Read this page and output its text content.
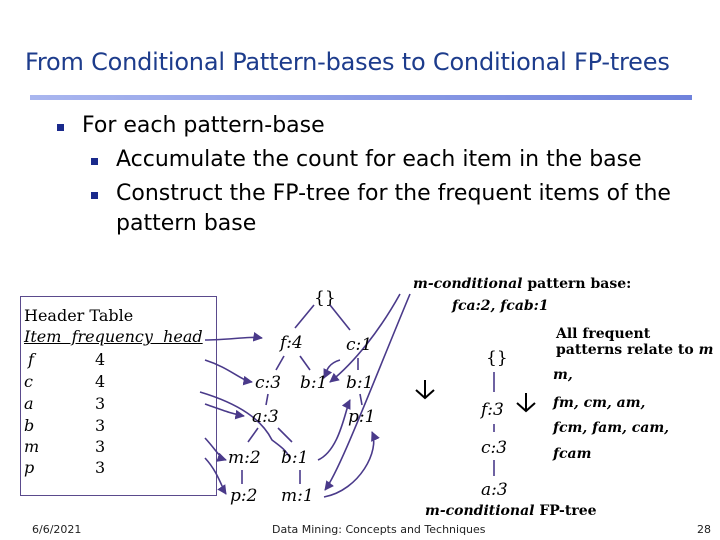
From Conditional Pattern-bases to Conditional FP-trees
For each pattern-base
Accumulate the count for each item in the base
Construct the FP-tree for the frequent items of the
pattern base
Header Table
Item  frequency  head
f	4
c	4
a	3
b	3
m	3
p	3
{}
f:4	c:1
c:3 b:1 b:1
a:3	p:1
m:2 b:1
p:2 m:1
m-conditional pattern base:
fca:2, fcab:1
{}
f:3
c:3
a:3
m-conditional FP-tree
All frequent
patterns relate to m
m,
fm, cm, am,
fcm, fam, cam,
fcam
6/6/2021	Data Mining: Concepts and Techniques	28
